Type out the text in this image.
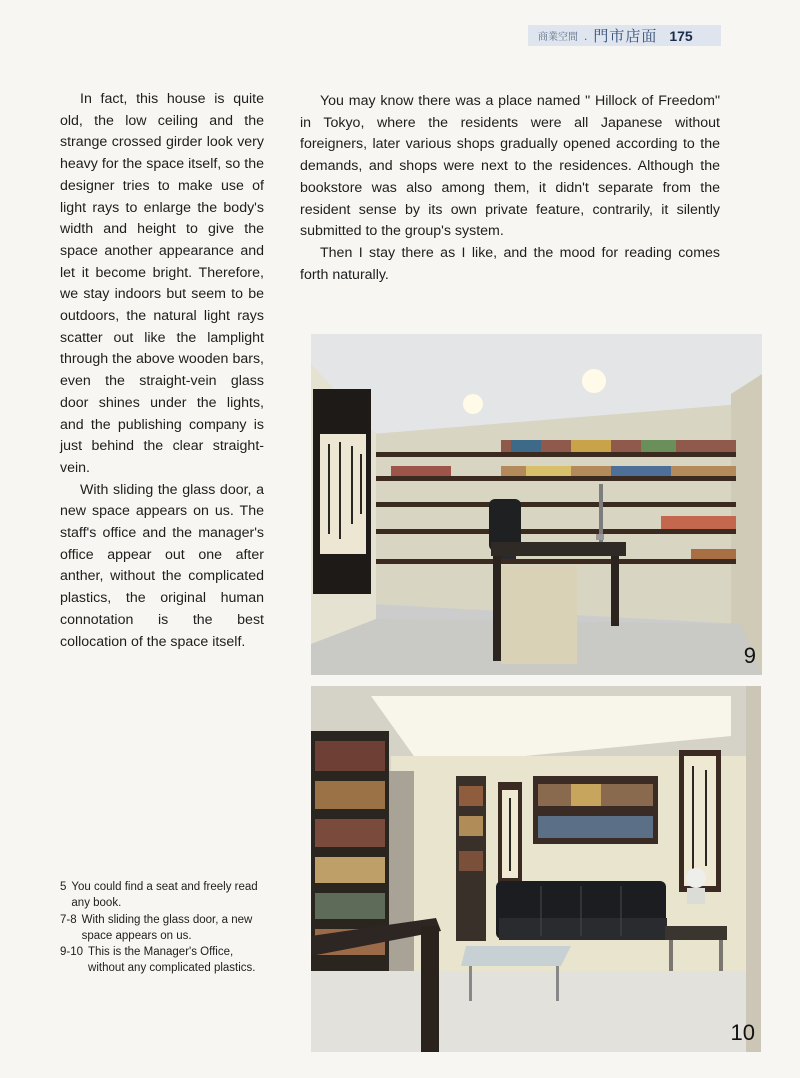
商業空間 . 門市店面 175

In fact, this house is quite old, the low ceiling and the strange crossed girder look very heavy for the space itself, so the designer tries to make use of light rays to enlarge the body's width and height to give the space another appearance and let it become bright. Therefore, we stay indoors but seem to be outdoors, the natural light rays scatter out like the lamplight through the above wooden bars, even the straight-vein glass door shines under the lights, and the publishing company is just behind the clear straight-vein.

With sliding the glass door, a new space appears on us. The staff's office and the manager's office appear out one after anther, without the complicated plastics, the original human connotation is the best collocation of the space itself.

You may know there was a place named " Hillock of Freedom" in Tokyo, where the residents were all Japanese without foreigners, later various shops gradually opened according to the demands, and shops were next to the residences. Although the bookstore was also among them, it didn't separate from the resident sense by its own private feature, contrarily, it silently submitted to the group's system.

Then I stay there as I like, and the mood for reading comes forth naturally.

5 You could find a seat and freely read any book.
7-8 With sliding the glass door, a new space appears on us.
9-10 This is the Manager's Office, without any complicated plastics.
9
10
